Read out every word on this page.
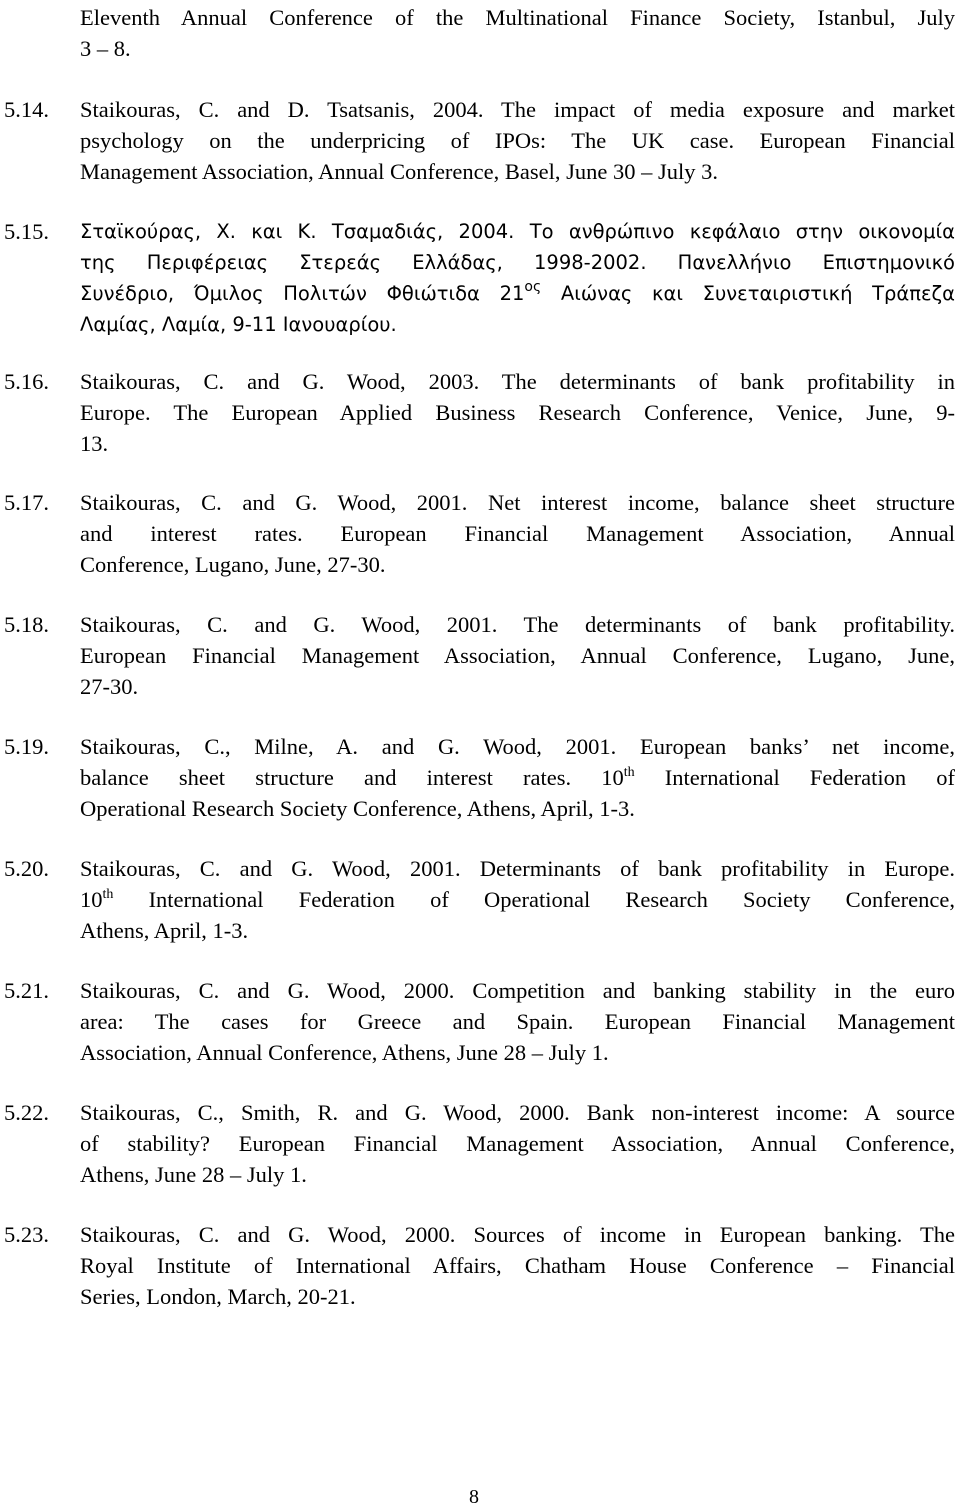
Eleventh Annual Conference of the Multinational Finance Society, Istanbul, July
3 – 8.
5.14. Staikouras, C. and D. Tsatsanis, 2004. The impact of media exposure and market
psychology on the underpricing of IPOs: The UK case. European Financial
Management Association, Annual Conference, Basel, June 30 – July 3.
5.15. Σταϊκούρας, Χ. και Κ. Τσαμαδιάς, 2004. Το ανθρώπινο κεφάλαιο στην οικονομία
της Περιφέρειας Στερεάς Ελλάδας, 1998-2002. Πανελλήνιο Επιστημονικό
Συνέδριο, Όμιλος Πολιτών Φθιώτιδα $21^{o\varsigma}$ Αιώνας και Συνεταιριστική Τράπεζα
Λαμίας, Λαμία, 9-11 Ιανουαρίου.
5.16. Staikouras, C. and G. Wood, 2003. The determinants of bank profitability in
Europe. The European Applied Business Research Conference, Venice, June, 9-
13.
5.17. Staikouras, C. and G. Wood, 2001. Net interest income, balance sheet structure
and interest rates. European Financial Management Association, Annual
Conference, Lugano, June, 27-30.
5.18. Staikouras, C. and G. Wood, 2001. The determinants of bank profitability.
European Financial Management Association, Annual Conference, Lugano, June,
27-30.
5.19. Staikouras, C., Milne, A. and G. Wood, 2001. European banks’ net income,
balance sheet structure and interest rates. 10th International Federation of
Operational Research Society Conference, Athens, April, 1-3.
5.20. Staikouras, C. and G. Wood, 2001. Determinants of bank profitability in Europe.
10th International Federation of Operational Research Society Conference,
Athens, April, 1-3.
5.21. Staikouras, C. and G. Wood, 2000. Competition and banking stability in the euro
area: The cases for Greece and Spain. European Financial Management
Association, Annual Conference, Athens, June 28 – July 1.
5.22. Staikouras, C., Smith, R. and G. Wood, 2000. Bank non-interest income: A source
of stability? European Financial Management Association, Annual Conference,
Athens, June 28 – July 1.
5.23. Staikouras, C. and G. Wood, 2000. Sources of income in European banking. The
Royal Institute of International Affairs, Chatham House Conference – Financial
Series, London, March, 20-21.
8
